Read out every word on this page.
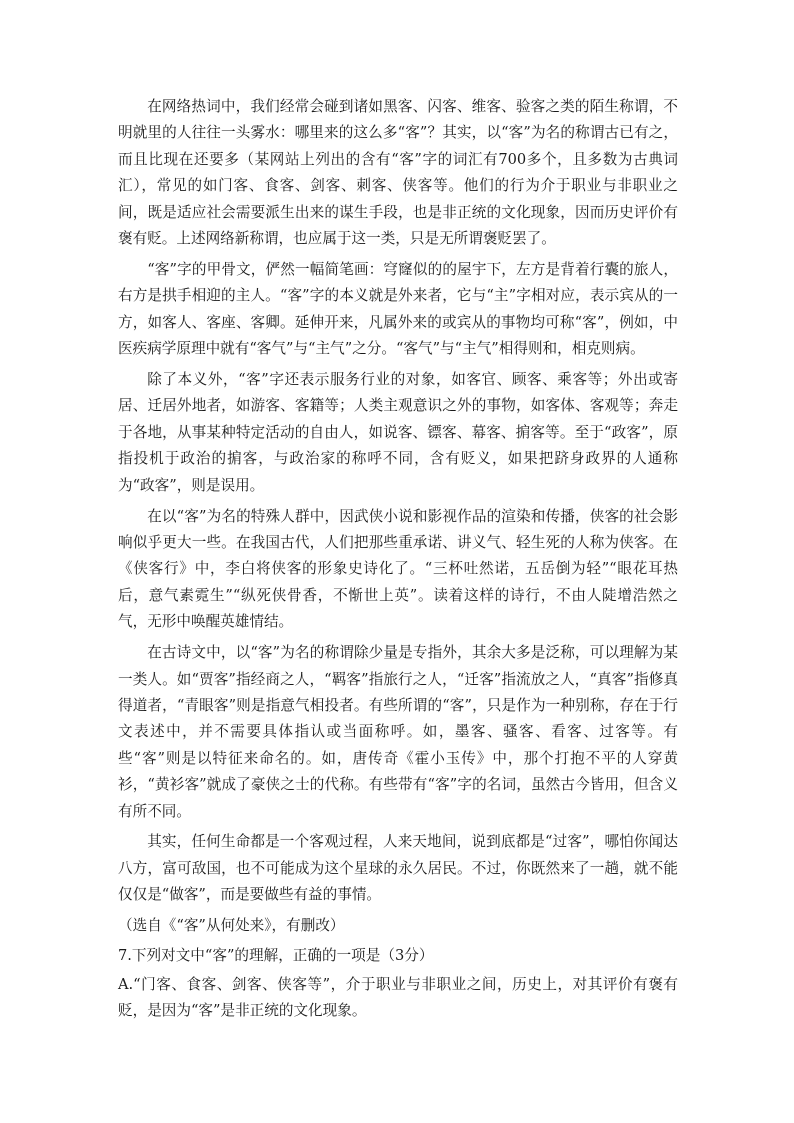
在网络热词中，我们经常会碰到诸如黑客、闪客、维客、验客之类的陌生称谓，不明就里的人往往一头雾水：哪里来的这么多“客”？其实，以“客”为名的称谓古已有之，而且比现在还要多（某网站上列出的含有“客”字的词汇有700多个，且多数为古典词汇），常见的如门客、食客、剑客、刺客、侠客等。他们的行为介于职业与非职业之间，既是适应社会需要派生出来的谋生手段，也是非正统的文化现象，因而历史评价有褒有贬。上述网络新称谓，也应属于这一类，只是无所谓褒贬罢了。

“客”字的甲骨文，俨然一幅简笔画：穹窿似的的屋宇下，左方是背着行囊的旅人，右方是拱手相迎的主人。“客”字的本义就是外来者，它与“主”字相对应，表示宾从的一方，如客人、客座、客卿。延伸开来，凡属外来的或宾从的事物均可称“客”，例如，中医疾病学原理中就有“客气”与“主气”之分。“客气”与“主气”相得则和，相克则病。

除了本义外，“客”字还表示服务行业的对象，如客官、顾客、乘客等；外出或寄居、迁居外地者，如游客、客籍等；人类主观意识之外的事物，如客体、客观等；奔走于各地，从事某种特定活动的自由人，如说客、镖客、幕客、掮客等。至于“政客”，原指投机于政治的掮客，与政治家的称呼不同，含有贬义，如果把跻身政界的人通称为“政客”，则是误用。

在以“客”为名的特殊人群中，因武侠小说和影视作品的渲染和传播，侠客的社会影响似乎更大一些。在我国古代，人们把那些重承诺、讲义气、轻生死的人称为侠客。在《侠客行》中，李白将侠客的形象史诗化了。“三杯吐然诺，五岳倒为轻”“眼花耳热后，意气素霓生”“纵死侠骨香，不惭世上英”。读着这样的诗行，不由人陡增浩然之气，无形中唤醒英雄情结。

在古诗文中，以“客”为名的称谓除少量是专指外，其余大多是泛称，可以理解为某一类人。如“贾客”指经商之人，“羁客”指旅行之人，“迁客”指流放之人，“真客”指修真得道者，“青眼客”则是指意气相投者。有些所谓的“客”，只是作为一种别称，存在于行文表述中，并不需要具体指认或当面称呼。如，墨客、骚客、看客、过客等。有些“客”则是以特征来命名的。如，唐传奇《霍小玉传》中，那个打抱不平的人穿黄衫，“黄衫客”就成了豪侠之士的代称。有些带有“客”字的名词，虽然古今皆用，但含义有所不同。

其实，任何生命都是一个客观过程，人来天地间，说到底都是“过客”，哪怕你闻达八方，富可敌国，也不可能成为这个星球的永久居民。不过，你既然来了一趟，就不能仅仅是“做客”，而是要做些有益的事情。

（选自《“客”从何处来》，有删改）

7.下列对文中“客”的理解，正确的一项是（3分）

A.“门客、食客、剑客、侠客等”，介于职业与非职业之间，历史上，对其评价有褒有贬，是因为“客”是非正统的文化现象。
